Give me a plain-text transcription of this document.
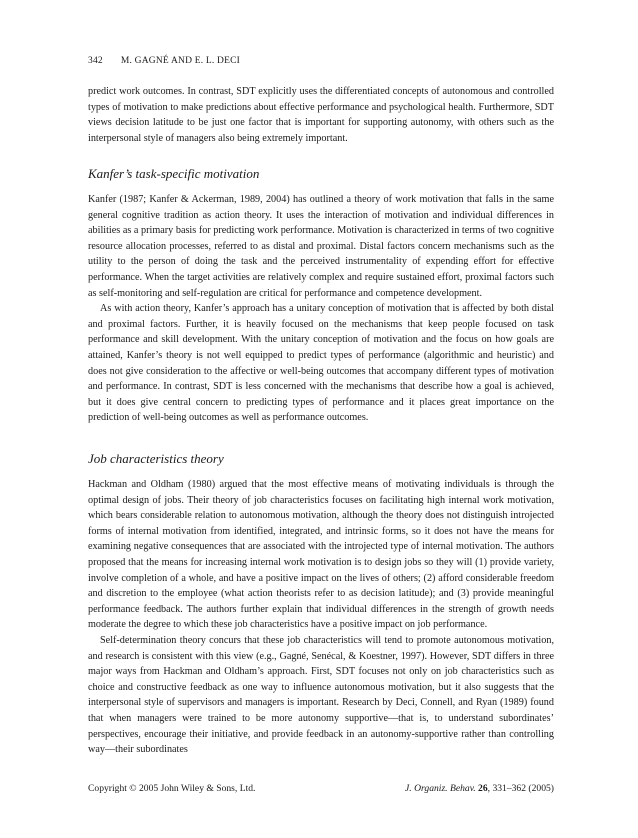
342 M. GAGNÉ AND E. L. DECI

predict work outcomes. In contrast, SDT explicitly uses the differentiated concepts of autonomous and controlled types of motivation to make predictions about effective performance and psychological health. Furthermore, SDT views decision latitude to be just one factor that is important for supporting autonomy, with others such as the interpersonal style of managers also being extremely important.

Kanfer’s task-specific motivation

Kanfer (1987; Kanfer & Ackerman, 1989, 2004) has outlined a theory of work motivation that falls in the same general cognitive tradition as action theory. It uses the interaction of motivation and individual differences in abilities as a primary basis for predicting work performance. Motivation is characterized in terms of two cognitive resource allocation processes, referred to as distal and proximal. Distal factors concern mechanisms such as the utility to the person of doing the task and the perceived instrumentality of expending effort for effective performance. When the target activities are relatively complex and require sustained effort, proximal factors such as self-monitoring and self-regulation are critical for performance and competence development.

As with action theory, Kanfer’s approach has a unitary conception of motivation that is affected by both distal and proximal factors. Further, it is heavily focused on the mechanisms that keep people focused on task performance and skill development. With the unitary conception of motivation and the focus on how goals are attained, Kanfer’s theory is not well equipped to predict types of performance (algorithmic and heuristic) and does not give consideration to the affective or well-being outcomes that accompany different types of motivation and performance. In contrast, SDT is less concerned with the mechanisms that describe how a goal is achieved, but it does give central concern to predicting types of performance and it places great importance on the prediction of well-being outcomes as well as performance outcomes.

Job characteristics theory

Hackman and Oldham (1980) argued that the most effective means of motivating individuals is through the optimal design of jobs. Their theory of job characteristics focuses on facilitating high internal work motivation, which bears considerable relation to autonomous motivation, although the theory does not distinguish introjected forms of internal motivation from identified, integrated, and intrinsic forms, so it does not have the means for examining negative consequences that are associated with the introjected type of internal motivation. The authors proposed that the means for increasing internal work motivation is to design jobs so they will (1) provide variety, involve completion of a whole, and have a positive impact on the lives of others; (2) afford considerable freedom and discretion to the employee (what action theorists refer to as decision latitude); and (3) provide meaningful performance feedback. The authors further explain that individual differences in the strength of growth needs moderate the degree to which these job characteristics have a positive impact on job performance.

Self-determination theory concurs that these job characteristics will tend to promote autonomous motivation, and research is consistent with this view (e.g., Gagné, Senécal, & Koestner, 1997). However, SDT differs in three major ways from Hackman and Oldham’s approach. First, SDT focuses not only on job characteristics such as choice and constructive feedback as one way to influence autonomous motivation, but it also suggests that the interpersonal style of supervisors and managers is important. Research by Deci, Connell, and Ryan (1989) found that when managers were trained to be more autonomy supportive—that is, to understand subordinates’ perspectives, encourage their initiative, and provide feedback in an autonomy-supportive rather than controlling way—their subordinates

Copyright © 2005 John Wiley & Sons, Ltd.	J. Organiz. Behav. 26, 331–362 (2005)
